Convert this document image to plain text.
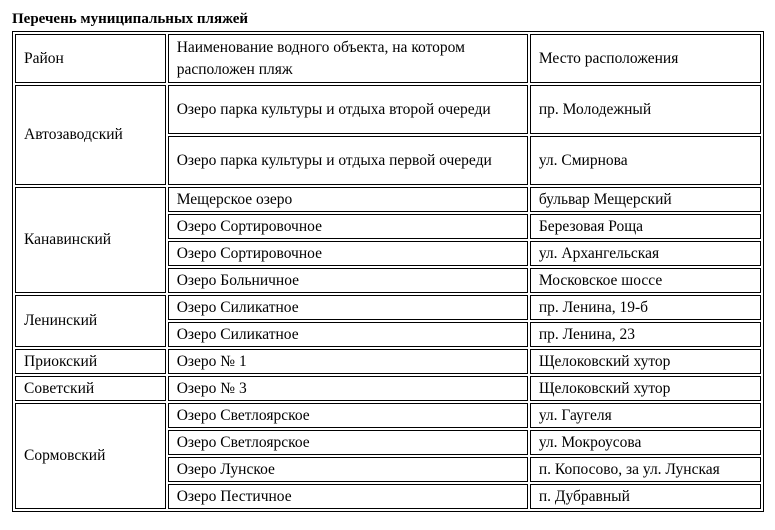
Перечень муниципальных пляжей
Район	Наименование водного объекта, на котором расположен пляж	Место расположения
Автозаводский	Озеро парка культуры и отдыха второй очереди	пр. Молодежный
	Озеро парка культуры и отдыха первой очереди	ул. Смирнова
Канавинский	Мещерское озеро	бульвар Мещерский
	Озеро Сортировочное	Березовая Роща
	Озеро Сортировочное	ул. Архангельская
	Озеро Больничное	Московское шоссе
Ленинский	Озеро Силикатное	пр. Ленина, 19-б
	Озеро Силикатное	пр. Ленина, 23
Приокский	Озеро № 1	Щелоковский хутор
Советский	Озеро № 3	Щелоковский хутор
Сормовский	Озеро Светлоярское	ул. Гаугеля
	Озеро Светлоярское	ул. Мокроусова
	Озеро Лунское	п. Копосово, за ул. Лунская
	Озеро Пестичное	п. Дубравный
